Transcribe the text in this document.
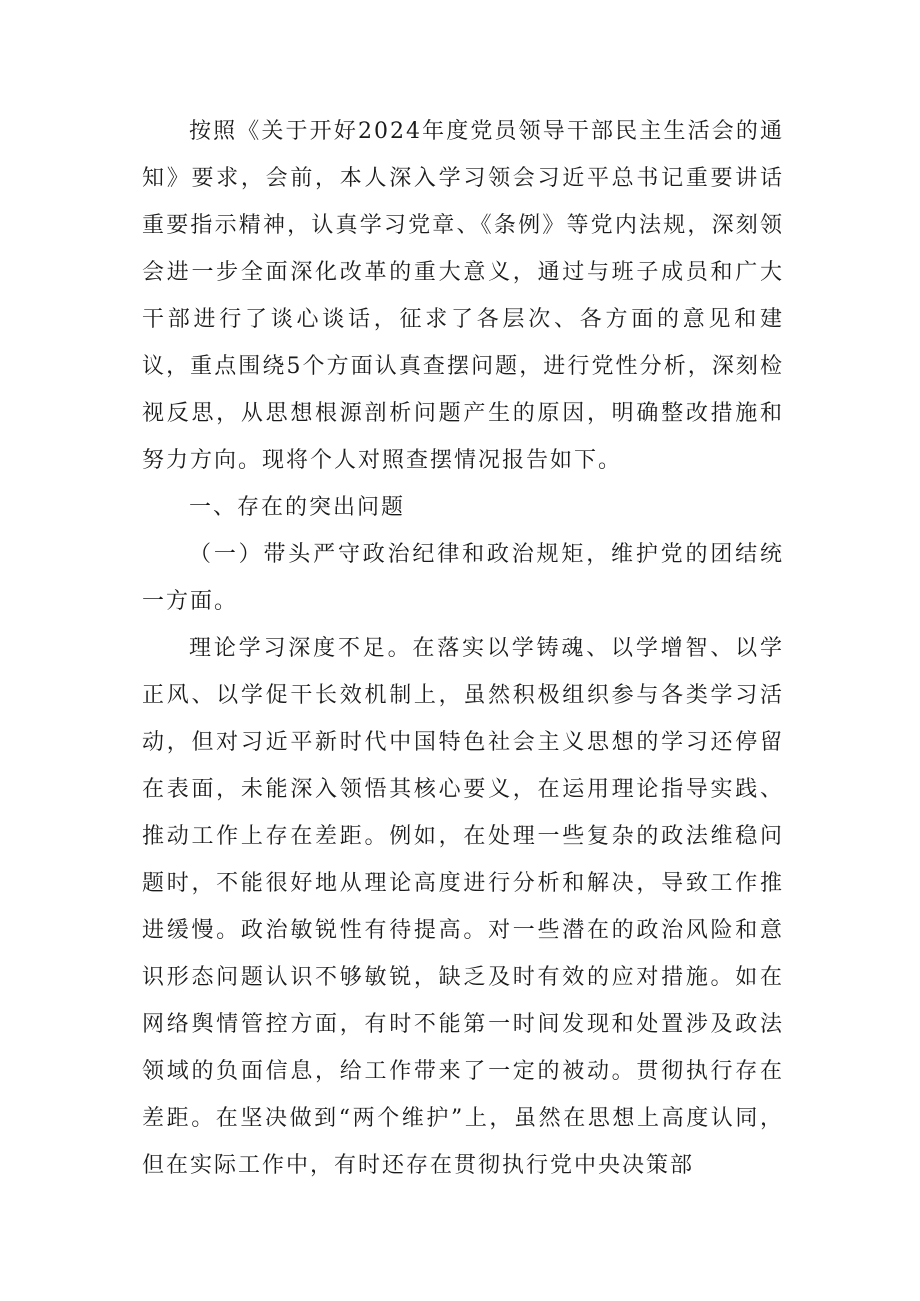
按照《关于开好2024年度党员领导干部民主生活会的通知》要求，会前，本人深入学习领会习近平总书记重要讲话重要指示精神，认真学习党章、《条例》等党内法规，深刻领会进一步全面深化改革的重大意义，通过与班子成员和广大干部进行了谈心谈话，征求了各层次、各方面的意见和建议，重点围绕5个方面认真查摆问题，进行党性分析，深刻检视反思，从思想根源剖析问题产生的原因，明确整改措施和努力方向。现将个人对照查摆情况报告如下。

一、存在的突出问题

（一）带头严守政治纪律和政治规矩，维护党的团结统一方面。

理论学习深度不足。在落实以学铸魂、以学增智、以学正风、以学促干长效机制上，虽然积极组织参与各类学习活动，但对习近平新时代中国特色社会主义思想的学习还停留在表面，未能深入领悟其核心要义，在运用理论指导实践、推动工作上存在差距。例如，在处理一些复杂的政法维稳问题时，不能很好地从理论高度进行分析和解决，导致工作推进缓慢。政治敏锐性有待提高。对一些潜在的政治风险和意识形态问题认识不够敏锐，缺乏及时有效的应对措施。如在网络舆情管控方面，有时不能第一时间发现和处置涉及政法领域的负面信息，给工作带来了一定的被动。贯彻执行存在差距。在坚决做到“两个维护”上，虽然在思想上高度认同，但在实际工作中，有时还存在贯彻执行党中央决策部
